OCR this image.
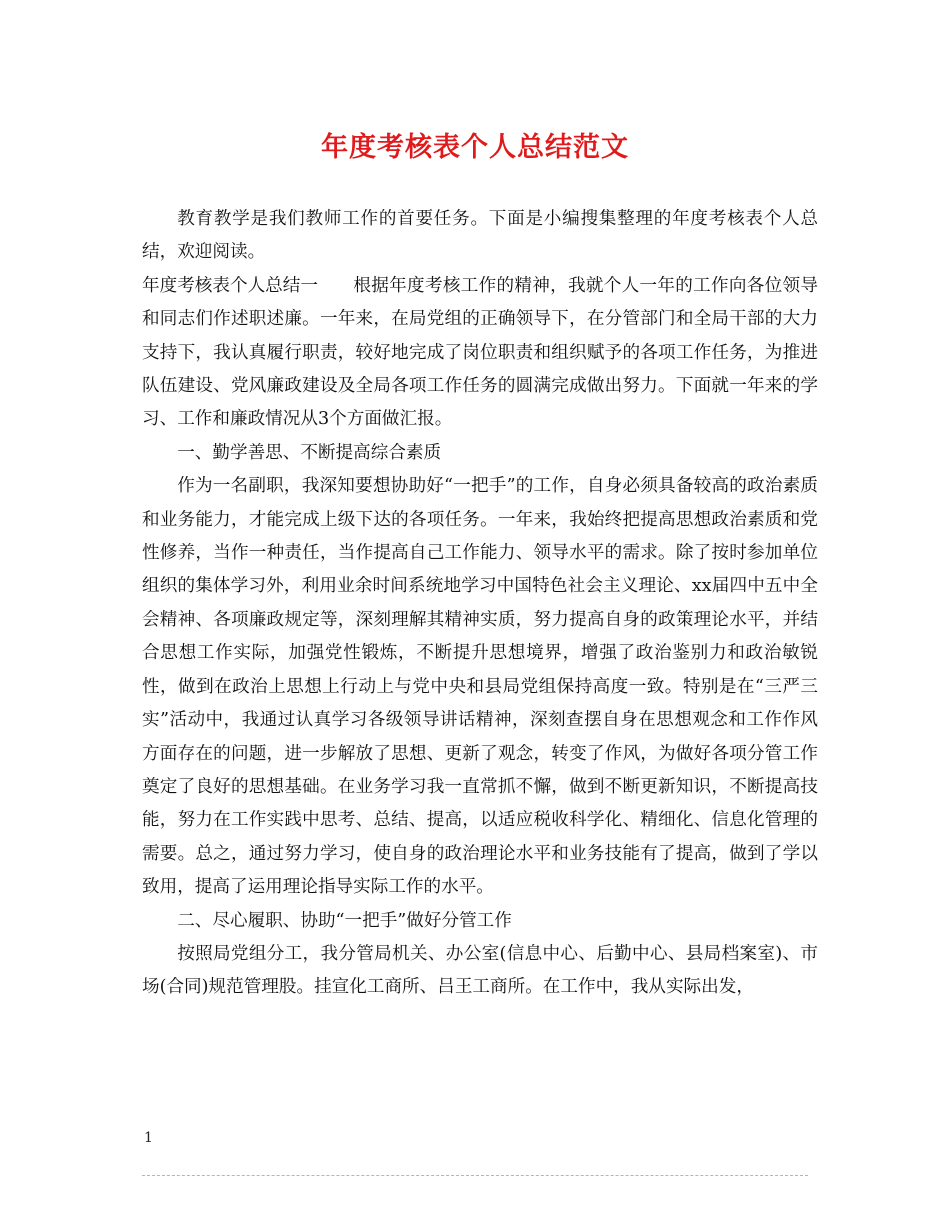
年度考核表个人总结范文

教育教学是我们教师工作的首要任务。下面是小编搜集整理的年度考核表个人总结，欢迎阅读。

年度考核表个人总结一 根据年度考核工作的精神，我就个人一年的工作向各位领导和同志们作述职述廉。一年来，在局党组的正确领导下，在分管部门和全局干部的大力支持下，我认真履行职责，较好地完成了岗位职责和组织赋予的各项工作任务，为推进队伍建设、党风廉政建设及全局各项工作任务的圆满完成做出努力。下面就一年来的学习、工作和廉政情况从3个方面做汇报。

一、勤学善思、不断提高综合素质

作为一名副职，我深知要想协助好“一把手”的工作，自身必须具备较高的政治素质和业务能力，才能完成上级下达的各项任务。一年来，我始终把提高思想政治素质和党性修养，当作一种责任，当作提高自己工作能力、领导水平的需求。除了按时参加单位组织的集体学习外，利用业余时间系统地学习中国特色社会主义理论、xx届四中五中全会精神、各项廉政规定等，深刻理解其精神实质，努力提高自身的政策理论水平，并结合思想工作实际，加强党性锻炼，不断提升思想境界，增强了政治鉴别力和政治敏锐性，做到在政治上思想上行动上与党中央和县局党组保持高度一致。特别是在“三严三实”活动中，我通过认真学习各级领导讲话精神，深刻查摆自身在思想观念和工作作风方面存在的问题，进一步解放了思想、更新了观念，转变了作风，为做好各项分管工作奠定了良好的思想基础。在业务学习我一直常抓不懈，做到不断更新知识，不断提高技能，努力在工作实践中思考、总结、提高，以适应税收科学化、精细化、信息化管理的需要。总之，通过努力学习，使自身的政治理论水平和业务技能有了提高，做到了学以致用，提高了运用理论指导实际工作的水平。

二、尽心履职、协助“一把手”做好分管工作

按照局党组分工，我分管局机关、办公室(信息中心、后勤中心、县局档案室)、市场(合同)规范管理股。挂宣化工商所、吕王工商所。在工作中，我从实际出发，

1
